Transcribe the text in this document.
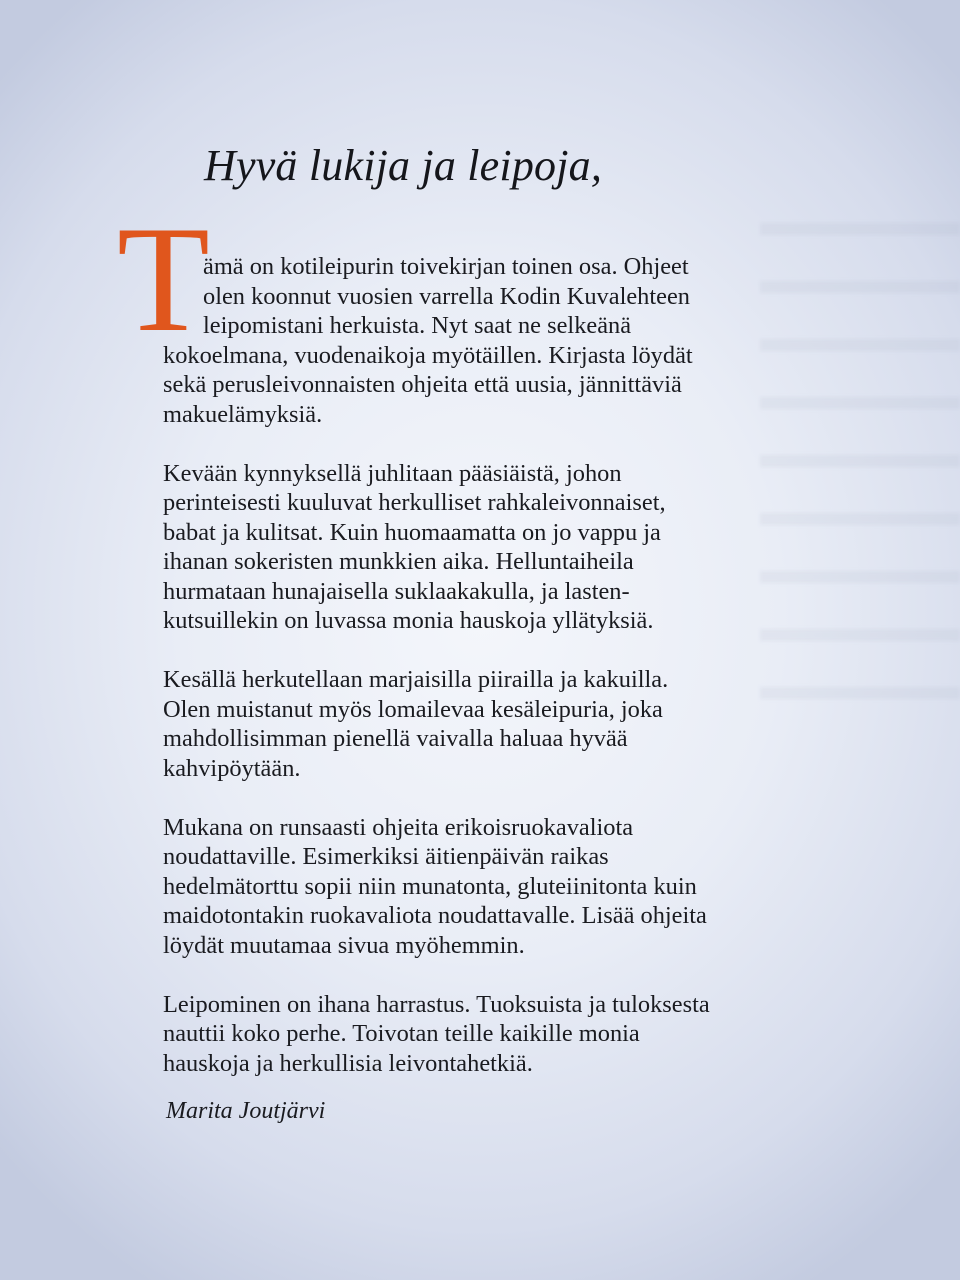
Hyvä lukija ja leipoja,
T

ämä on kotileipurin toivekirjan toinen osa. Ohjeet
olen koonnut vuosien varrella Kodin Kuvalehteen
leipomistani herkuista. Nyt saat ne selkeänä
kokoelmana, vuodenaikoja myötäillen. Kirjasta löydät
sekä perusleivonnaisten ohjeita että uusia, jännittäviä
makuelämyksiä.

Kevään kynnyksellä juhlitaan pääsiäistä, johon
perinteisesti kuuluvat herkulliset rahkaleivonnaiset,
babat ja kulitsat. Kuin huomaamatta on jo vappu ja
ihanan sokeristen munkkien aika. Helluntaiheila
hurmataan hunajaisella suklaakakulla, ja lasten-
kutsuillekin on luvassa monia hauskoja yllätyksiä.

Kesällä herkutellaan marjaisilla piirailla ja kakuilla.
Olen muistanut myös lomailevaa kesäleipuria, joka
mahdollisimman pienellä vaivalla haluaa hyvää
kahvipöytään.

Mukana on runsaasti ohjeita erikoisruokavaliota
noudattaville. Esimerkiksi äitienpäivän raikas
hedelmätorttu sopii niin munatonta, gluteiinitonta kuin
maidotontakin ruokavaliota noudattavalle. Lisää ohjeita
löydät muutamaa sivua myöhemmin.

Leipominen on ihana harrastus. Tuoksuista ja tuloksesta
nauttii koko perhe. Toivotan teille kaikille monia
hauskoja ja herkullisia leivontahetkiä.

Marita Joutjärvi
